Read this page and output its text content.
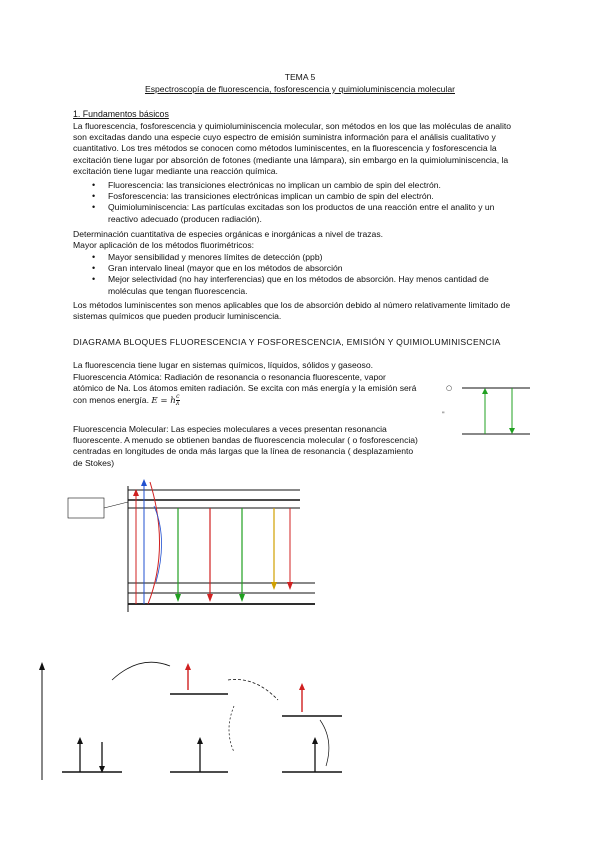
TEMA 5
Espectroscopía de fluorescencia, fosforescencia y quimioluminiscencia molecular
1. Fundamentos básicos
La fluorescencia, fosforescencia y quimioluminiscencia molecular, son métodos en los que las moléculas de analito son excitadas dando una especie cuyo espectro de emisión suministra información para el análisis cualitativo y cuantitativo. Los tres métodos se conocen como métodos luminiscentes, en la fluorescencia y fosforescencia la excitación tiene lugar por absorción de fotones (mediante una lámpara), sin embargo en la quimioluminiscencia, la excitación tiene lugar mediante una reacción química.
• Fluorescencia: las transiciones electrónicas no implican un cambio de spin del electrón.
• Fosforescencia: las transiciones electrónicas implican un cambio de spin del electrón.
• Quimioluminiscencia: Las partículas excitadas son los productos de una reacción entre el analito y un reactivo adecuado (producen radiación).
Determinación cuantitativa de especies orgánicas e inorgánicas a nivel de trazas.
Mayor aplicación de los métodos fluorimétricos:
• Mayor sensibilidad y menores límites de detección (ppb)
• Gran intervalo lineal (mayor que en los métodos de absorción
• Mejor selectividad (no hay interferencias) que en los métodos de absorción. Hay menos cantidad de moléculas que tengan fluorescencia.
Los métodos luminiscentes son menos aplicables que los de absorción debido al número relativamente limitado de sistemas químicos que pueden producir luminiscencia.
DIAGRAMA BLOQUES FLUORESCENCIA Y FOSFORESCENCIA, EMISIÓN Y QUIMIOLUMINISCENCIA
La fluorescencia tiene lugar en sistemas químicos, líquidos, sólidos y gaseoso.
Fluorescencia Atómica: Radiación de resonancia o resonancia fluorescente, vapor atómico de Na. Los átomos emiten radiación. Se excita con más energía y la emisión será con menos energía. E = h $\frac{c}{\lambda}$
Fluorescencia Molecular: Las especies moleculares a veces presentan resonancia fluorescente. A menudo se obtienen bandas de fluorescencia molecular ( o fosforescencia) centradas en longitudes de onda más largas que la línea de resonancia ( desplazamiento de Stokes)
"
○
